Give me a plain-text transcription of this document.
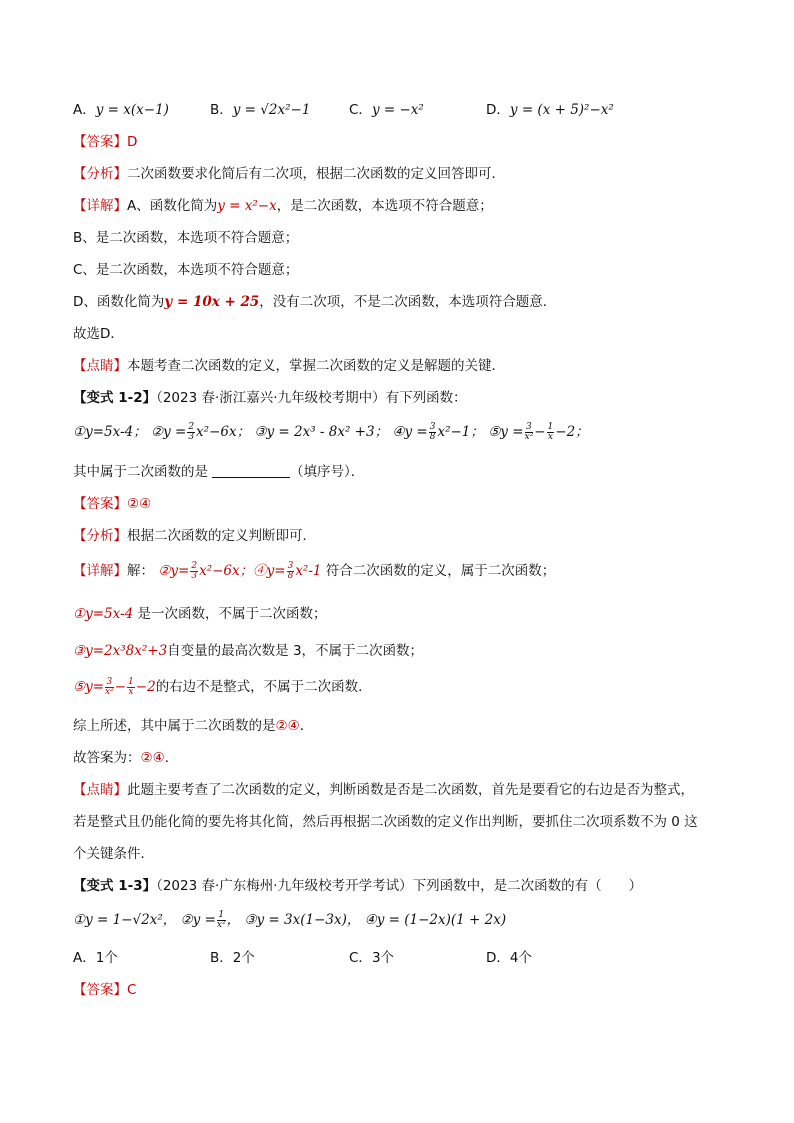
A．y = x(x−1)	B．y = √2x²−1	C．y = −x²	D．y = (x + 5)²−x²
【答案】D
【分析】二次函数要求化简后有二次项，根据二次函数的定义回答即可．
【详解】A、函数化简为y = x²−x，是二次函数，本选项不符合题意；
B、是二次函数，本选项不符合题意；
C、是二次函数，本选项不符合题意；
D、函数化简为y = 10x + 25，没有二次项，不是二次函数，本选项符合题意．
故选D．
【点睛】本题考查二次函数的定义，掌握二次函数的定义是解题的关键．
【变式 1-2】（2023 春·浙江嘉兴·九年级校考期中）有下列函数：
①y=5x-4； ②y = $\frac{2}{3} x^2-6x$； ③y = 2x³ - 8x² +3； ④y = $\frac{3}{8} x^2-1$； ⑤y = $\frac{3}{\text{x²}} - \frac{1}{x} -2$；
其中属于二次函数的是	（填序号）．
【答案】②④
【分析】根据二次函数的定义判断即可．
【详解】解： ②y= $\frac{2}{3} x^2-6x$；④y= $\frac{3}{8} x^2-1$ 符合二次函数的定义，属于二次函数；
①y=5x-4 是一次函数，不属于二次函数；
③y=2x³8x²+3自变量的最高次数是 3，不属于二次函数；
⑤y= $\frac{3}{\text{x²}} - \frac{1}{x} -2$的右边不是整式，不属于二次函数．
综上所述，其中属于二次函数的是②④．
故答案为：②④．
【点睛】此题主要考查了二次函数的定义，判断函数是否是二次函数，首先是要看它的右边是否为整式，
若是整式且仍能化简的要先将其化简，然后再根据二次函数的定义作出判断，要抓住二次项系数不为 0 这
个关键条件．
【变式 1-3】（2023 春·广东梅州·九年级校考开学考试）下列函数中，是二次函数的有（　　）
①y = 1−√2x²， ②y = $\frac{1}{\text{x²}}$ ， ③y = 3x(1−3x)， ④y = (1−2x)(1 + 2x)
A．1个	B．2个	C．3个	D．4个
【答案】C
